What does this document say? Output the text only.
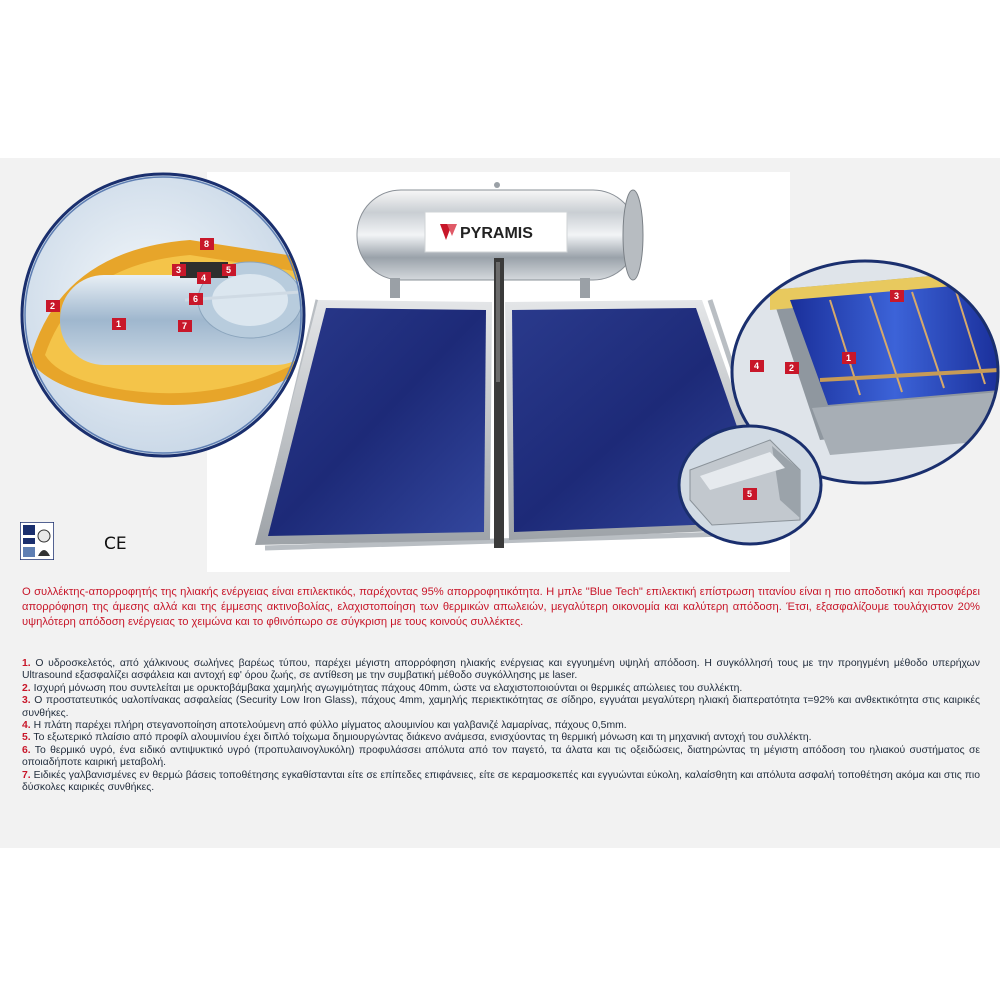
PYRAMIS
8
3
4
5
2
6
1	7
3
4	2
1
5
CE

Ο συλλέκτης-απορροφητής της ηλιακής ενέργειας είναι επιλεκτικός, παρέχοντας 95% απορροφητικότητα. Η μπλε "Blue Tech" επιλεκτική επίστρωση τιτανίου είναι η πιο αποδοτική και προσφέρει απορρόφηση της άμεσης αλλά και της έμμεσης ακτινοβολίας, ελαχιστοποίηση των θερμικών απωλειών, μεγαλύτερη οικονομία και καλύτερη απόδοση. Έτσι, εξασφαλίζουμε τουλάχιστον 20% υψηλότερη απόδοση ενέργειας το χειμώνα και το φθινόπωρο σε σύγκριση με τους κοινούς συλλέκτες.

1. Ο υδροσκελετός, από χάλκινους σωλήνες βαρέως τύπου, παρέχει μέγιστη απορρόφηση ηλιακής ενέργειας και εγγυημένη υψηλή απόδοση. Η συγκόλλησή τους με την προηγμένη μέθοδο υπερήχων Ultrasound εξασφαλίζει ασφάλεια και αντοχή εφ' όρου ζωής, σε αντίθεση με την συμβατική μέθοδο συγκόλλησης με laser.
2. Ισχυρή μόνωση που συντελείται με ορυκτοβάμβακα χαμηλής αγωγιμότητας πάχους 40mm, ώστε να ελαχιστοποιούνται οι θερμικές απώλειες του συλλέκτη.
3. Ο προστατευτικός υαλοπίνακας ασφαλείας (Security Low Iron Glass), πάχους 4mm, χαμηλής περιεκτικότητας σε σίδηρο, εγγυάται μεγαλύτερη ηλιακή διαπερατότητα τ=92% και ανθεκτικότητα στις καιρικές συνθήκες.
4. Η πλάτη παρέχει πλήρη στεγανοποίηση αποτελούμενη από φύλλο μίγματος αλουμινίου και γαλβανιζέ λαμαρίνας, πάχους 0,5mm.
5. Το εξωτερικό πλαίσιο από προφίλ αλουμινίου έχει διπλό τοίχωμα δημιουργώντας διάκενο ανάμεσα, ενισχύοντας τη θερμική μόνωση και τη μηχανική αντοχή του συλλέκτη.
6. Το θερμικό υγρό, ένα ειδικό αντιψυκτικό υγρό (προπυλαινογλυκόλη) προφυλάσσει απόλυτα από τον παγετό, τα άλατα και τις οξειδώσεις, διατηρώντας τη μέγιστη απόδοση του ηλιακού συστήματος σε οποιαδήποτε καιρική μεταβολή.
7. Ειδικές γαλβανισμένες εν θερμώ βάσεις τοποθέτησης εγκαθίστανται είτε σε επίπεδες επιφάνειες, είτε σε κεραμοσκεπές και εγγυώνται εύκολη, καλαίσθητη και απόλυτα ασφαλή τοποθέτηση ακόμα και στις πιο δύσκολες καιρικές συνθήκες.
